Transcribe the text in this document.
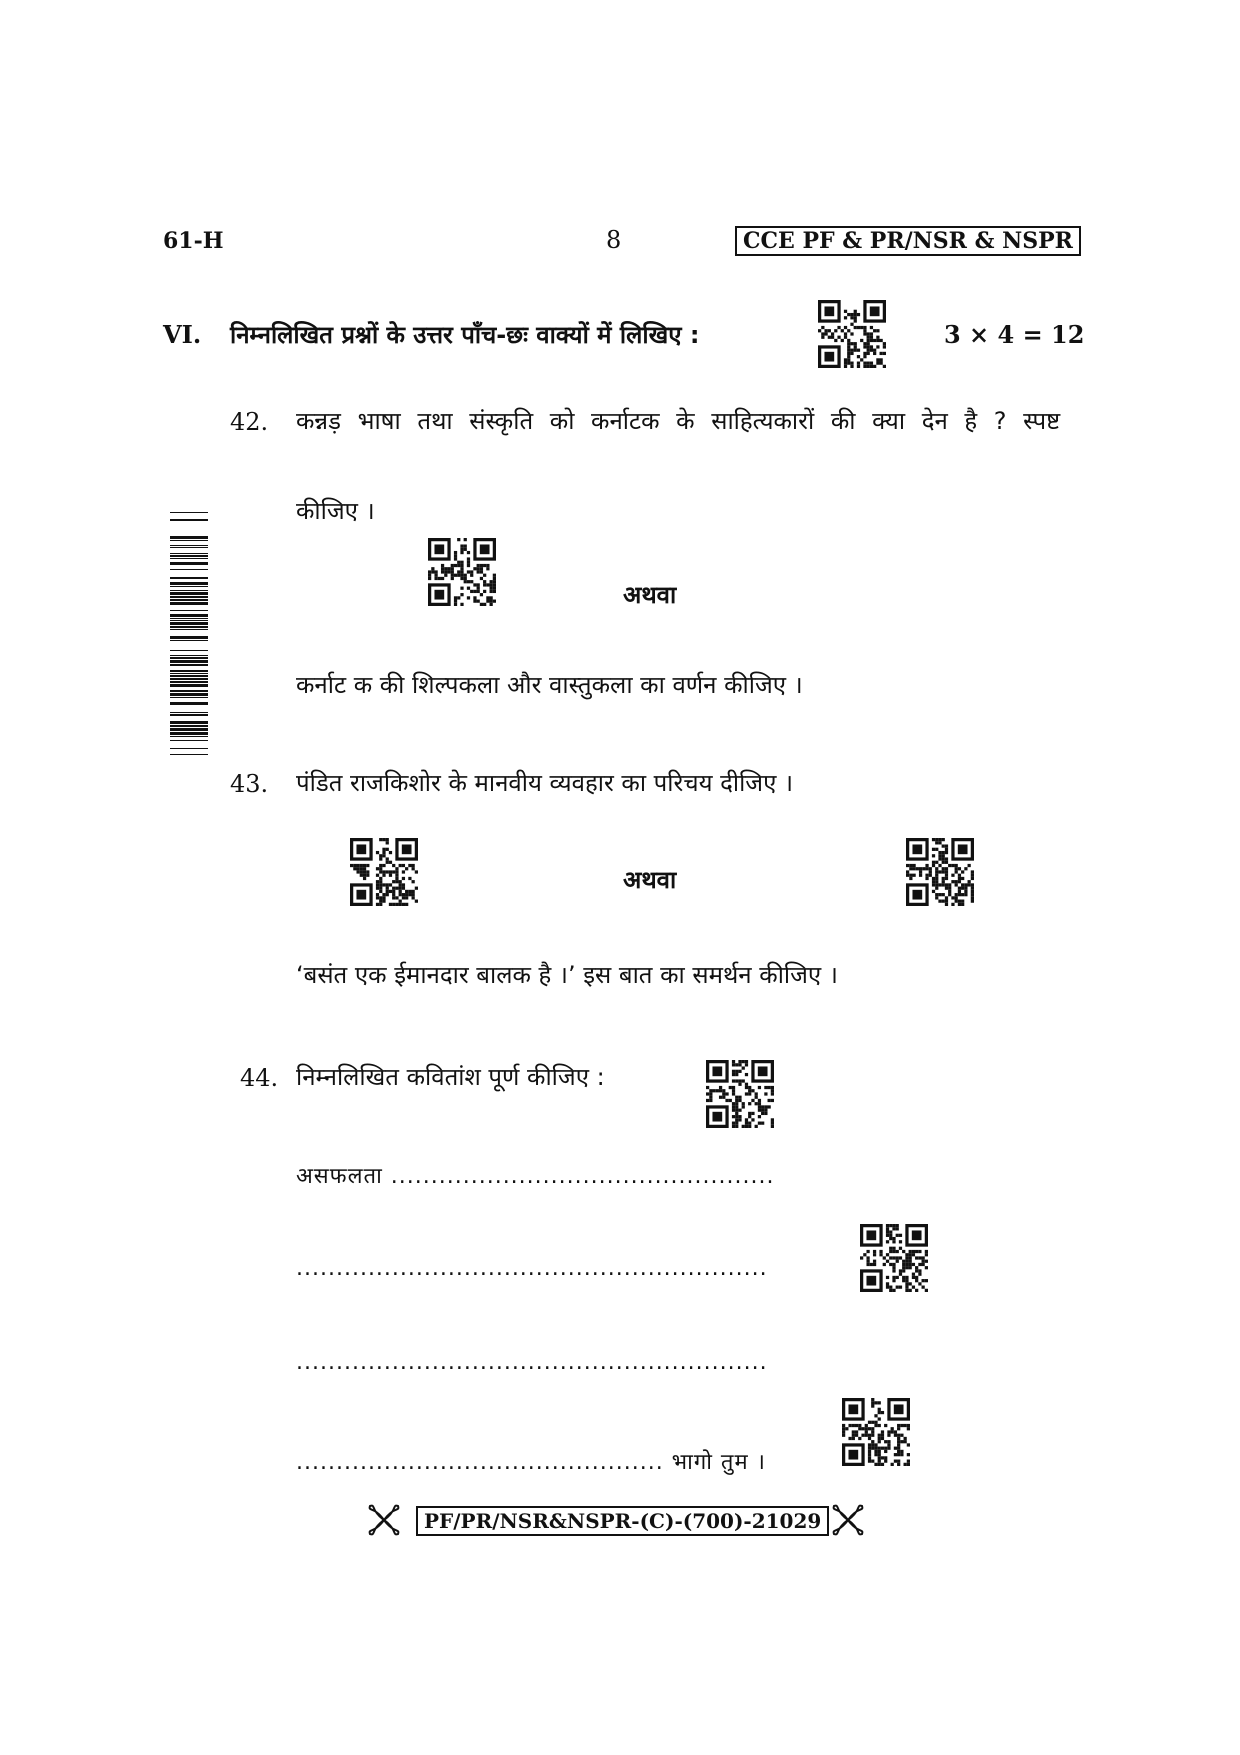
61-H	8	CCE PF & PR/NSR & NSPR
VI. निम्नलिखित प्रश्नों के उत्तर पाँच-छः वाक्यों में लिखिए :	3 × 4 = 12
42. कन्नड़ भाषा तथा संस्कृति को कर्नाटक के साहित्यकारों की क्या देन है ? स्पष्ट
कीजिए ।
अथवा
कर्नाट क की शिल्पकला और वास्तुकला का वर्णन कीजिए ।
43. पंडित राजकिशोर के मानवीय व्यवहार का परिचय दीजिए ।
अथवा
‘बसंत एक ईमानदार बालक है ।’ इस बात का समर्थन कीजिए ।
44. निम्नलिखित कवितांश पूर्ण कीजिए :
असफलता ................................................
...........................................................
...........................................................
.............................................. भागो तुम ।
PF/PR/NSR&NSPR-(C)-(700)-21029
